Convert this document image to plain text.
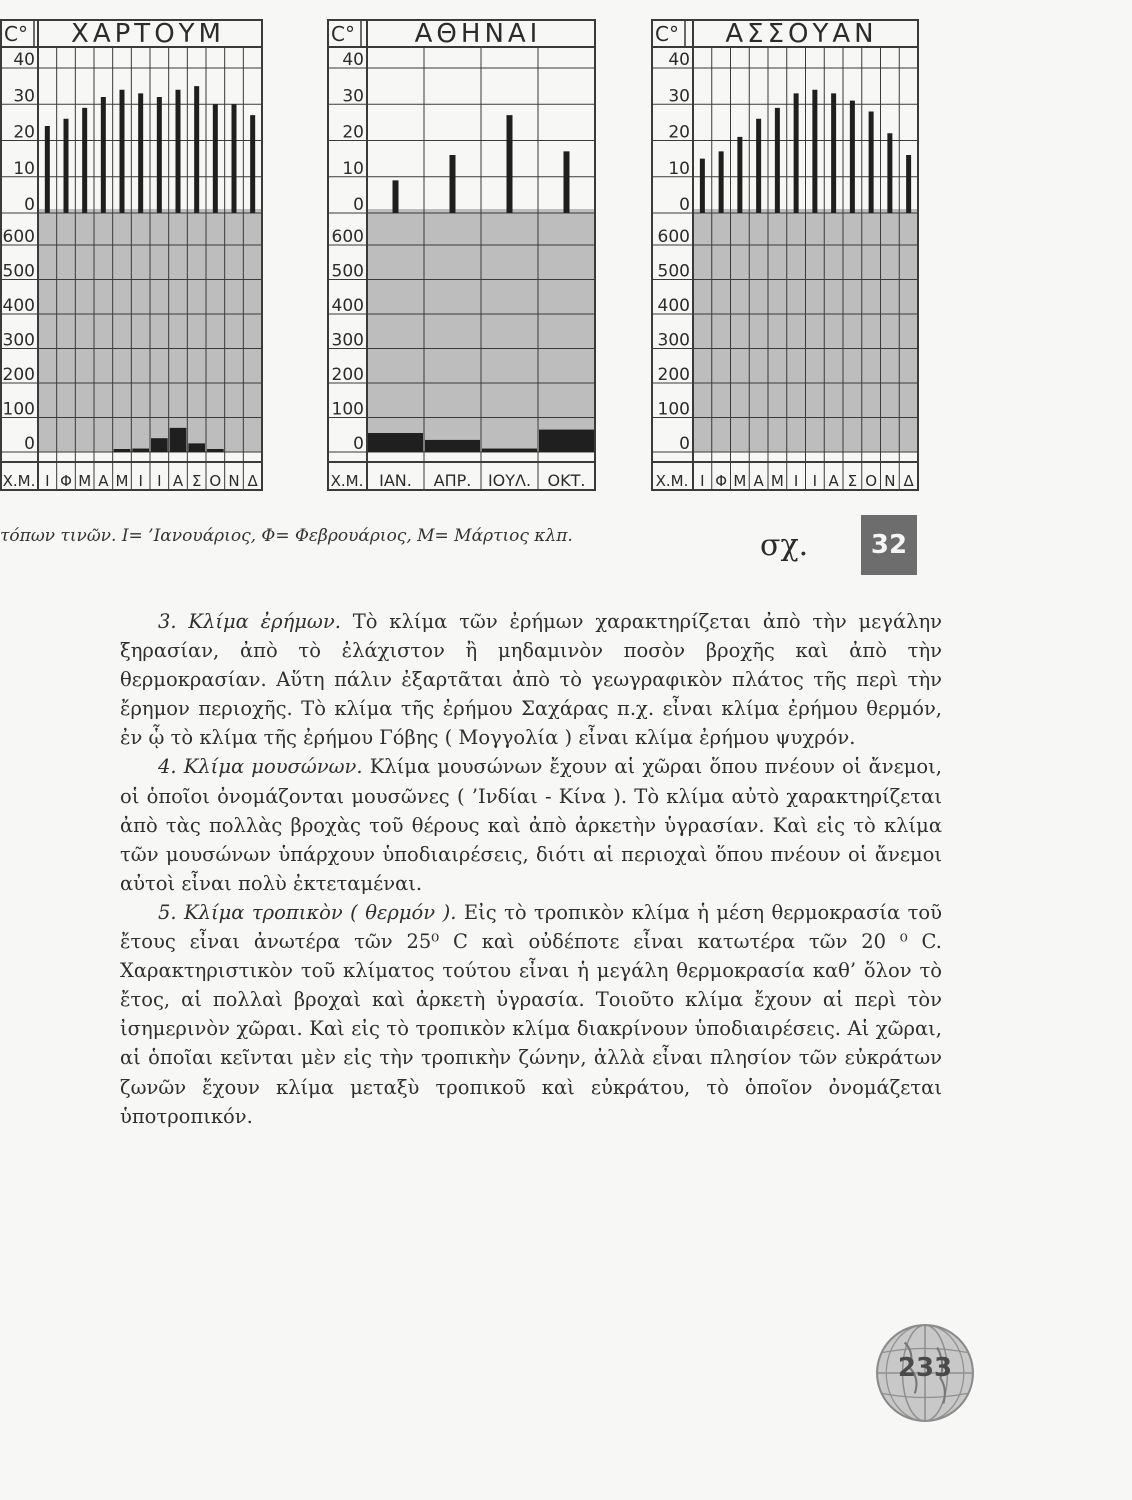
C° ΧΑΡΤΟΥΜ
40
30
20
10
0
600
500
400
300
200
100
0
Χ.Μ. Ι Φ Μ Α Μ Ι Ι Α Σ Ο Ν Δ
C° ΑΘΗΝΑΙ
40
30
20
10
0
600
500
400
300
200
100
0
Χ.Μ. ΙΑΝ. ΑΠΡ. ΙΟΥΛ. ΟΚΤ.
C° ΑΣΣΟΥΑΝ
40
30
20
10
0
600
500
400
300
200
100
0
Χ.Μ. Ι Φ Μ Α Μ Ι Ι Α Σ Ο Ν Δ
τόπων τινῶν. Ι= ’Ιανουάριος, Φ= Φεβρουάριος, Μ= Μάρτιος κλπ.	σχ.	32

3. Κλίμα ἐρήμων. Τὸ κλίμα τῶν ἐρήμων χαρακτηρίζεται ἀπὸ τὴν μεγάλην ξηρασίαν, ἀπὸ τὸ ἐλάχιστον ἢ μηδαμινὸν ποσὸν βροχῆς καὶ ἀπὸ τὴν θερμοκρασίαν. Αὕτη πάλιν ἐξαρτᾶται ἀπὸ τὸ γεωγραφικὸν πλάτος τῆς περὶ τὴν ἔρημον περιοχῆς. Τὸ κλίμα τῆς ἐρήμου Σαχάρας π.χ. εἶναι κλίμα ἐρήμου θερμόν, ἐν ᾧ τὸ κλίμα τῆς ἐρήμου Γόβης ( Μογγολία ) εἶναι κλίμα ἐρήμου ψυχρόν.

4. Κλίμα μουσώνων. Κλίμα μουσώνων ἔχουν αἱ χῶραι ὅπου πνέουν οἱ ἄνεμοι, οἱ ὁποῖοι ὀνομάζονται μουσῶνες ( ’Ινδίαι - Κίνα ). Τὸ κλίμα αὐτὸ χαρακτηρίζεται ἀπὸ τὰς πολλὰς βροχὰς τοῦ θέρους καὶ ἀπὸ ἀρκετὴν ὑγρασίαν. Καὶ εἰς τὸ κλίμα τῶν μουσώνων ὑπάρχουν ὑποδιαιρέσεις, διότι αἱ περιοχαὶ ὅπου πνέουν οἱ ἄνεμοι αὐτοὶ εἶναι πολὺ ἐκτεταμέναι.

5. Κλίμα τροπικὸν ( θερμόν ). Εἰς τὸ τροπικὸν κλίμα ἡ μέση θερμοκρασία τοῦ ἔτους εἶναι ἀνωτέρα τῶν 25⁰ C καὶ οὐδέποτε εἶναι κατωτέρα τῶν 20 ⁰ C. Χαρακτηριστικὸν τοῦ κλίματος τούτου εἶναι ἡ μεγάλη θερμοκρασία καθ’ ὅλον τὸ ἔτος, αἱ πολλαὶ βροχαὶ καὶ ἀρκετὴ ὑγρασία. Τοιοῦτο κλίμα ἔχουν αἱ περὶ τὸν ἰσημερινὸν χῶραι. Καὶ εἰς τὸ τροπικὸν κλίμα διακρίνουν ὑποδιαιρέσεις. Αἱ χῶραι, αἱ ὁποῖαι κεῖνται μὲν εἰς τὴν τροπικὴν ζώνην, ἀλλὰ εἶναι πλησίον τῶν εὐκράτων ζωνῶν ἔχουν κλίμα μεταξὺ τροπικοῦ καὶ εὐκράτου, τὸ ὁποῖον ὀνομάζεται ὑποτροπικόν.

233
